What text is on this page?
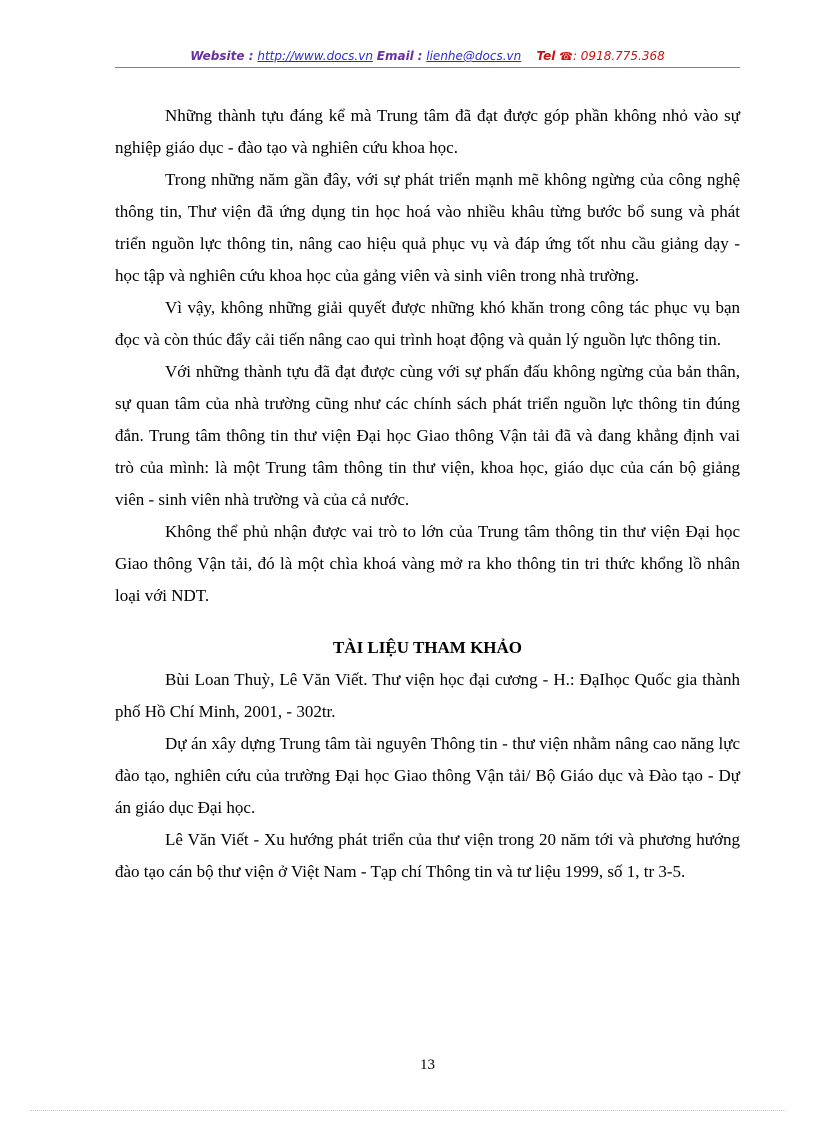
Website : http://www.docs.vn Email : lienhe@docs.vn Tel ☎: 0918.775.368

Những thành tựu đáng kể mà Trung tâm đã đạt được góp phần không nhỏ vào sự nghiệp giáo dục - đào tạo và nghiên cứu khoa học.

Trong những năm gần đây, với sự phát triển mạnh mẽ không ngừng của công nghệ thông tin, Thư viện đã ứng dụng tin học hoá vào nhiều khâu từng bước bổ sung và phát triển nguồn lực thông tin, nâng cao hiệu quả phục vụ và đáp ứng tốt nhu cầu giảng dạy - học tập và nghiên cứu khoa học của gảng viên và sinh viên trong nhà trường.

Vì vậy, không những giải quyết được những khó khăn trong công tác phục vụ bạn đọc và còn thúc đẩy cải tiến nâng cao qui trình hoạt động và quản lý nguồn lực thông tin.

Với những thành tựu đã đạt được cùng với sự phấn đấu không ngừng của bản thân, sự quan tâm của nhà trường cũng như các chính sách phát triển nguồn lực thông tin đúng đắn. Trung tâm thông tin thư viện Đại học Giao thông Vận tải đã và đang khẳng định vai trò của mình: là một Trung tâm thông tin thư viện, khoa học, giáo dục của cán bộ giảng viên - sinh viên nhà trường và của cả nước.

Không thể phủ nhận được vai trò to lớn của Trung tâm thông tin thư viện Đại học Giao thông Vận tải, đó là một chìa khoá vàng mở ra kho thông tin tri thức khổng lồ nhân loại với NDT.

TÀI LIỆU THAM KHẢO

Bùi Loan Thuỳ, Lê Văn Viết. Thư viện học đại cương - H.: ĐạIhọc Quốc gia thành phố Hồ Chí Minh, 2001, - 302tr.

Dự án xây dựng Trung tâm tài nguyên Thông tin - thư viện nhằm nâng cao năng lực đào tạo, nghiên cứu của trường Đại học Giao thông Vận tải/ Bộ Giáo dục và Đào tạo - Dự án giáo dục Đại học.

Lê Văn Viết - Xu hướng phát triển của thư viện trong 20 năm tới và phương hướng đào tạo cán bộ thư viện ở Việt Nam - Tạp chí Thông tin và tư liệu 1999, số 1, tr 3-5.

13
